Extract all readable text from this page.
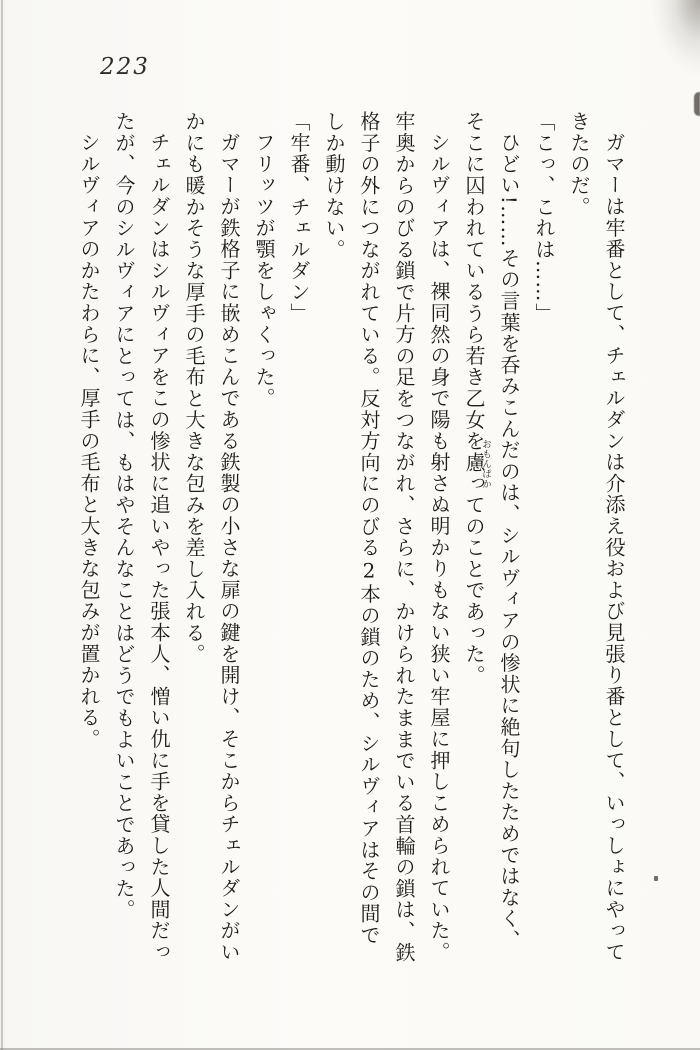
223

ガマーは牢番として、チェルダンは介添え役および見張り番として、いっしょにやってきたのだ。

「こっ、これは……」

ひどい!……その言葉を呑みこんだのは、シルヴィアの惨状に絶句したためではなく、そこに囚われているうら若き乙女を慮
おもんぱか
ってのことであった。

シルヴィアは、裸同然の身で陽も射さぬ明かりもない狭い牢屋に押しこめられていた。牢奥からのびる鎖で片方の足をつながれ、さらに、かけられたままでいる首輪の鎖は、鉄格子の外につながれている。反対方向にのびる2本の鎖のため、シルヴィアはその間でしか動けない。

「牢番、チェルダン」

フリッツが顎をしゃくった。

ガマーが鉄格子に嵌めこんである鉄製の小さな扉の鍵を開け、そこからチェルダンがいかにも暖かそうな厚手の毛布と大きな包みを差し入れる。

チェルダンはシルヴィアをこの惨状に追いやった張本人、憎い仇に手を貸した人間だったが、今のシルヴィアにとっては、もはやそんなことはどうでもよいことであった。

シルヴィアのかたわらに、厚手の毛布と大きな包みが置かれる。
